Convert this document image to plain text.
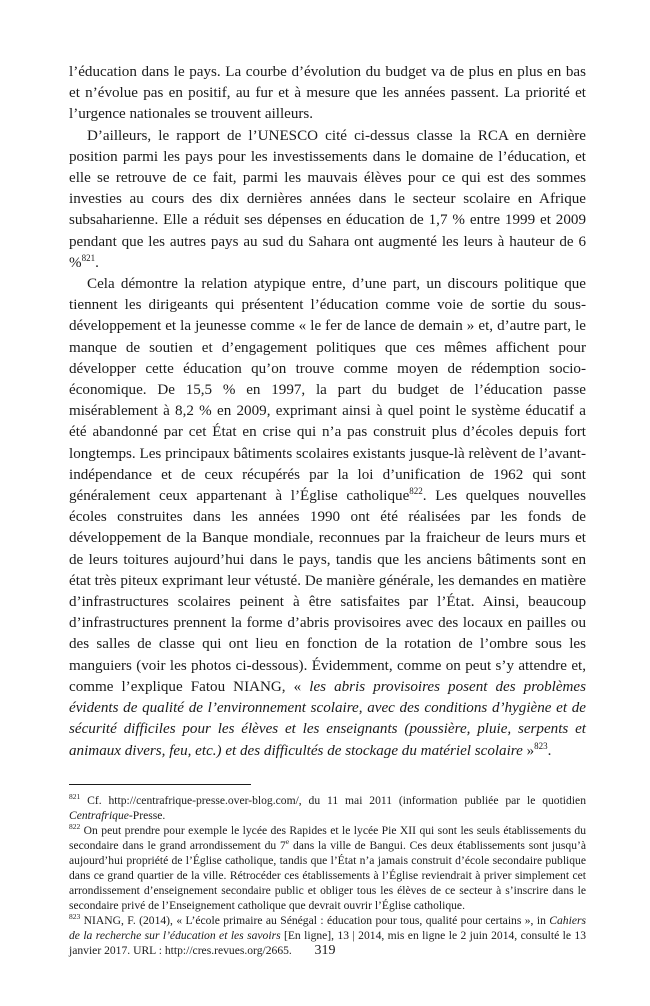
l’éducation dans le pays. La courbe d’évolution du budget va de plus en plus en bas et n’évolue pas en positif, au fur et à mesure que les années passent. La priorité et l’urgence nationales se trouvent ailleurs.

D’ailleurs, le rapport de l’UNESCO cité ci-dessus classe la RCA en dernière position parmi les pays pour les investissements dans le domaine de l’éducation, et elle se retrouve de ce fait, parmi les mauvais élèves pour ce qui est des sommes investies au cours des dix dernières années dans le secteur scolaire en Afrique subsaharienne. Elle a réduit ses dépenses en éducation de 1,7 % entre 1999 et 2009 pendant que les autres pays au sud du Sahara ont augmenté les leurs à hauteur de 6 %$^{821}$.

Cela démontre la relation atypique entre, d’une part, un discours politique que tiennent les dirigeants qui présentent l’éducation comme voie de sortie du sous-développement et la jeunesse comme « le fer de lance de demain » et, d’autre part, le manque de soutien et d’engagement politiques que ces mêmes affichent pour développer cette éducation qu’on trouve comme moyen de rédemption socio-économique. De 15,5 % en 1997, la part du budget de l’éducation passe misérablement à 8,2 % en 2009, exprimant ainsi à quel point le système éducatif a été abandonné par cet État en crise qui n’a pas construit plus d’écoles depuis fort longtemps. Les principaux bâtiments scolaires existants jusque-là relèvent de l’avant-indépendance et de ceux récupérés par la loi d’unification de 1962 qui sont généralement ceux appartenant à l’Église catholique$^{822}$. Les quelques nouvelles écoles construites dans les années 1990 ont été réalisées par les fonds de développement de la Banque mondiale, reconnues par la fraicheur de leurs murs et de leurs toitures aujourd’hui dans le pays, tandis que les anciens bâtiments sont en état très piteux exprimant leur vétusté. De manière générale, les demandes en matière d’infrastructures scolaires peinent à être satisfaites par l’État. Ainsi, beaucoup d’infrastructures prennent la forme d’abris provisoires avec des locaux en pailles ou des salles de classe qui ont lieu en fonction de la rotation de l’ombre sous les manguiers (voir les photos ci-dessous). Évidemment, comme on peut s’y attendre et, comme l’explique Fatou NIANG, « les abris provisoires posent des problèmes évidents de qualité de l’environnement scolaire, avec des conditions d’hygiène et de sécurité difficiles pour les élèves et les enseignants (poussière, pluie, serpents et animaux divers, feu, etc.) et des difficultés de stockage du matériel scolaire »$^{823}$.

$^{821}$ Cf. http://centrafrique-presse.over-blog.com/, du 11 mai 2011 (information publiée par le quotidien Centrafrique-Presse.

$^{822}$ On peut prendre pour exemple le lycée des Rapides et le lycée Pie XII qui sont les seuls établissements du secondaire dans le grand arrondissement du 7e dans la ville de Bangui. Ces deux établissements sont jusqu’à aujourd’hui propriété de l’Église catholique, tandis que l’État n’a jamais construit d’école secondaire publique dans ce grand quartier de la ville. Rétrocéder ces établissements à l’Église reviendrait à priver simplement cet arrondissement d’enseignement secondaire public et obliger tous les élèves de ce secteur à s’inscrire dans le secondaire privé de l’Enseignement catholique que devrait ouvrir l’Église catholique.

$^{823}$ NIANG, F. (2014), « L’école primaire au Sénégal : éducation pour tous, qualité pour certains », in Cahiers de la recherche sur l’éducation et les savoirs [En ligne], 13 | 2014, mis en ligne le 2 juin 2014, consulté le 13 janvier 2017. URL : http://cres.revues.org/2665.	319
